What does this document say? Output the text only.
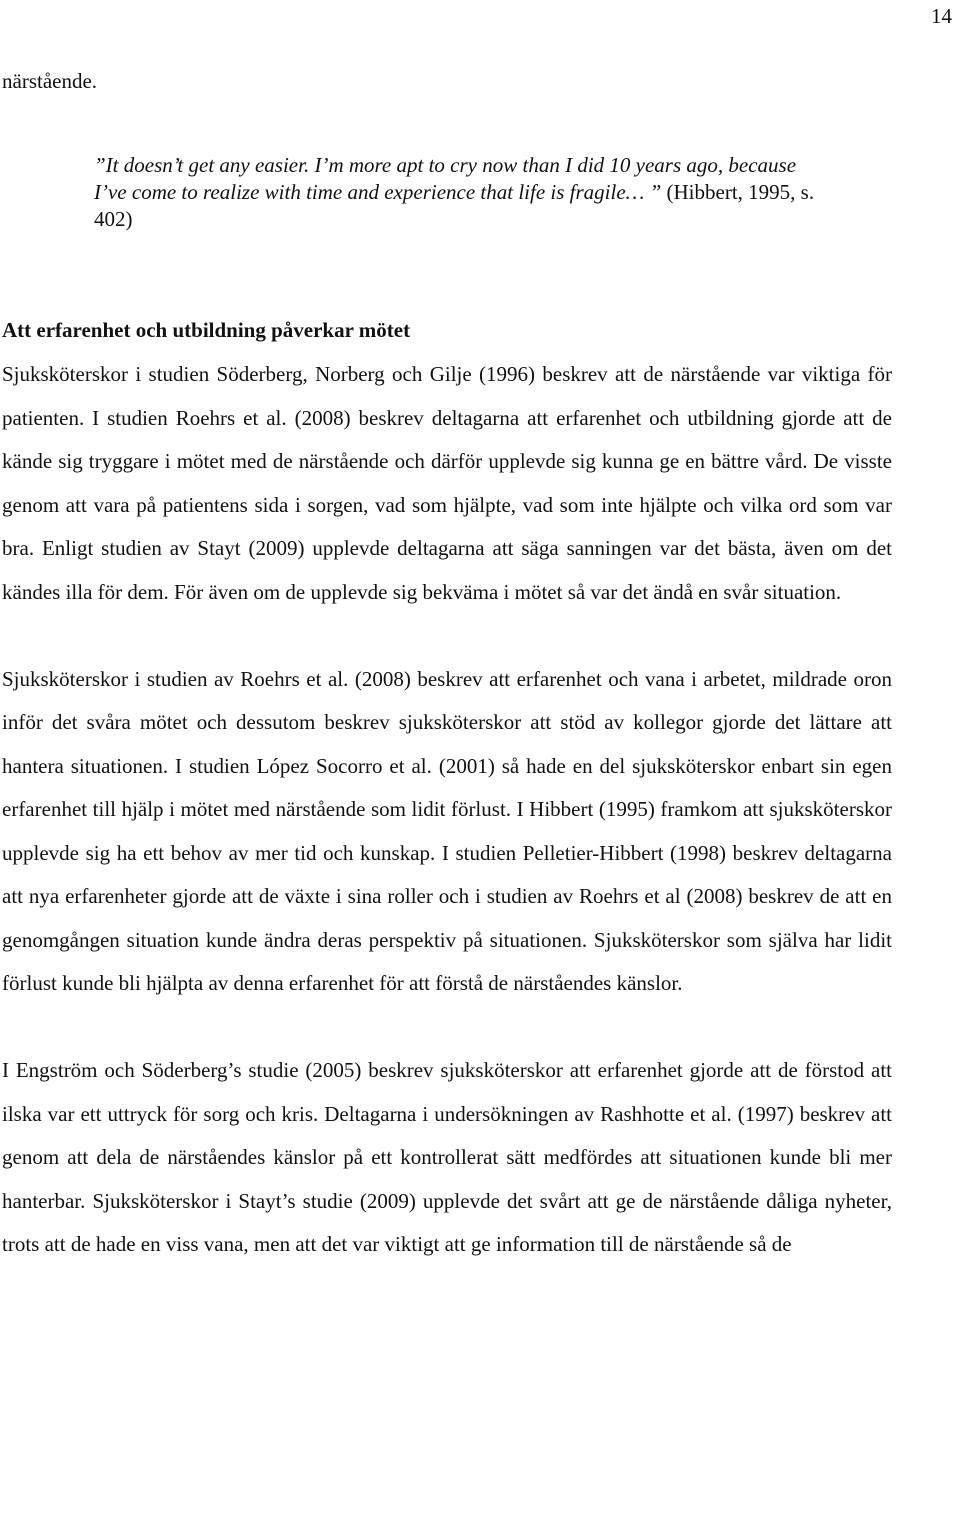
14

närstående.

”It doesn’t get any easier. I’m more apt to cry now than I did 10 years ago, because I’ve come to realize with time and experience that life is fragile… ” (Hibbert, 1995, s. 402)

Att erfarenhet och utbildning påverkar mötet

Sjuksköterskor i studien Söderberg, Norberg och Gilje (1996) beskrev att de närstående var viktiga för patienten. I studien Roehrs et al. (2008) beskrev deltagarna att erfarenhet och utbildning gjorde att de kände sig tryggare i mötet med de närstående och därför upplevde sig kunna ge en bättre vård. De visste genom att vara på patientens sida i sorgen, vad som hjälpte, vad som inte hjälpte och vilka ord som var bra. Enligt studien av Stayt (2009) upplevde deltagarna att säga sanningen var det bästa, även om det kändes illa för dem. För även om de upplevde sig bekväma i mötet så var det ändå en svår situation.

Sjuksköterskor i studien av Roehrs et al. (2008) beskrev att erfarenhet och vana i arbetet, mildrade oron inför det svåra mötet och dessutom beskrev sjuksköterskor att stöd av kollegor gjorde det lättare att hantera situationen. I studien López Socorro et al. (2001) så hade en del sjuksköterskor enbart sin egen erfarenhet till hjälp i mötet med närstående som lidit förlust. I Hibbert (1995) framkom att sjuksköterskor upplevde sig ha ett behov av mer tid och kunskap. I studien Pelletier-Hibbert (1998) beskrev deltagarna att nya erfarenheter gjorde att de växte i sina roller och i studien av Roehrs et al (2008) beskrev de att en genomgången situation kunde ändra deras perspektiv på situationen. Sjuksköterskor som själva har lidit förlust kunde bli hjälpta av denna erfarenhet för att förstå de närståendes känslor.

I Engström och Söderberg’s studie (2005) beskrev sjuksköterskor att erfarenhet gjorde att de förstod att ilska var ett uttryck för sorg och kris. Deltagarna i undersökningen av Rashhotte et al. (1997) beskrev att genom att dela de närståendes känslor på ett kontrollerat sätt medfördes att situationen kunde bli mer hanterbar. Sjuksköterskor i Stayt’s studie (2009) upplevde det svårt att ge de närstående dåliga nyheter, trots att de hade en viss vana, men att det var viktigt att ge information till de närstående så de
